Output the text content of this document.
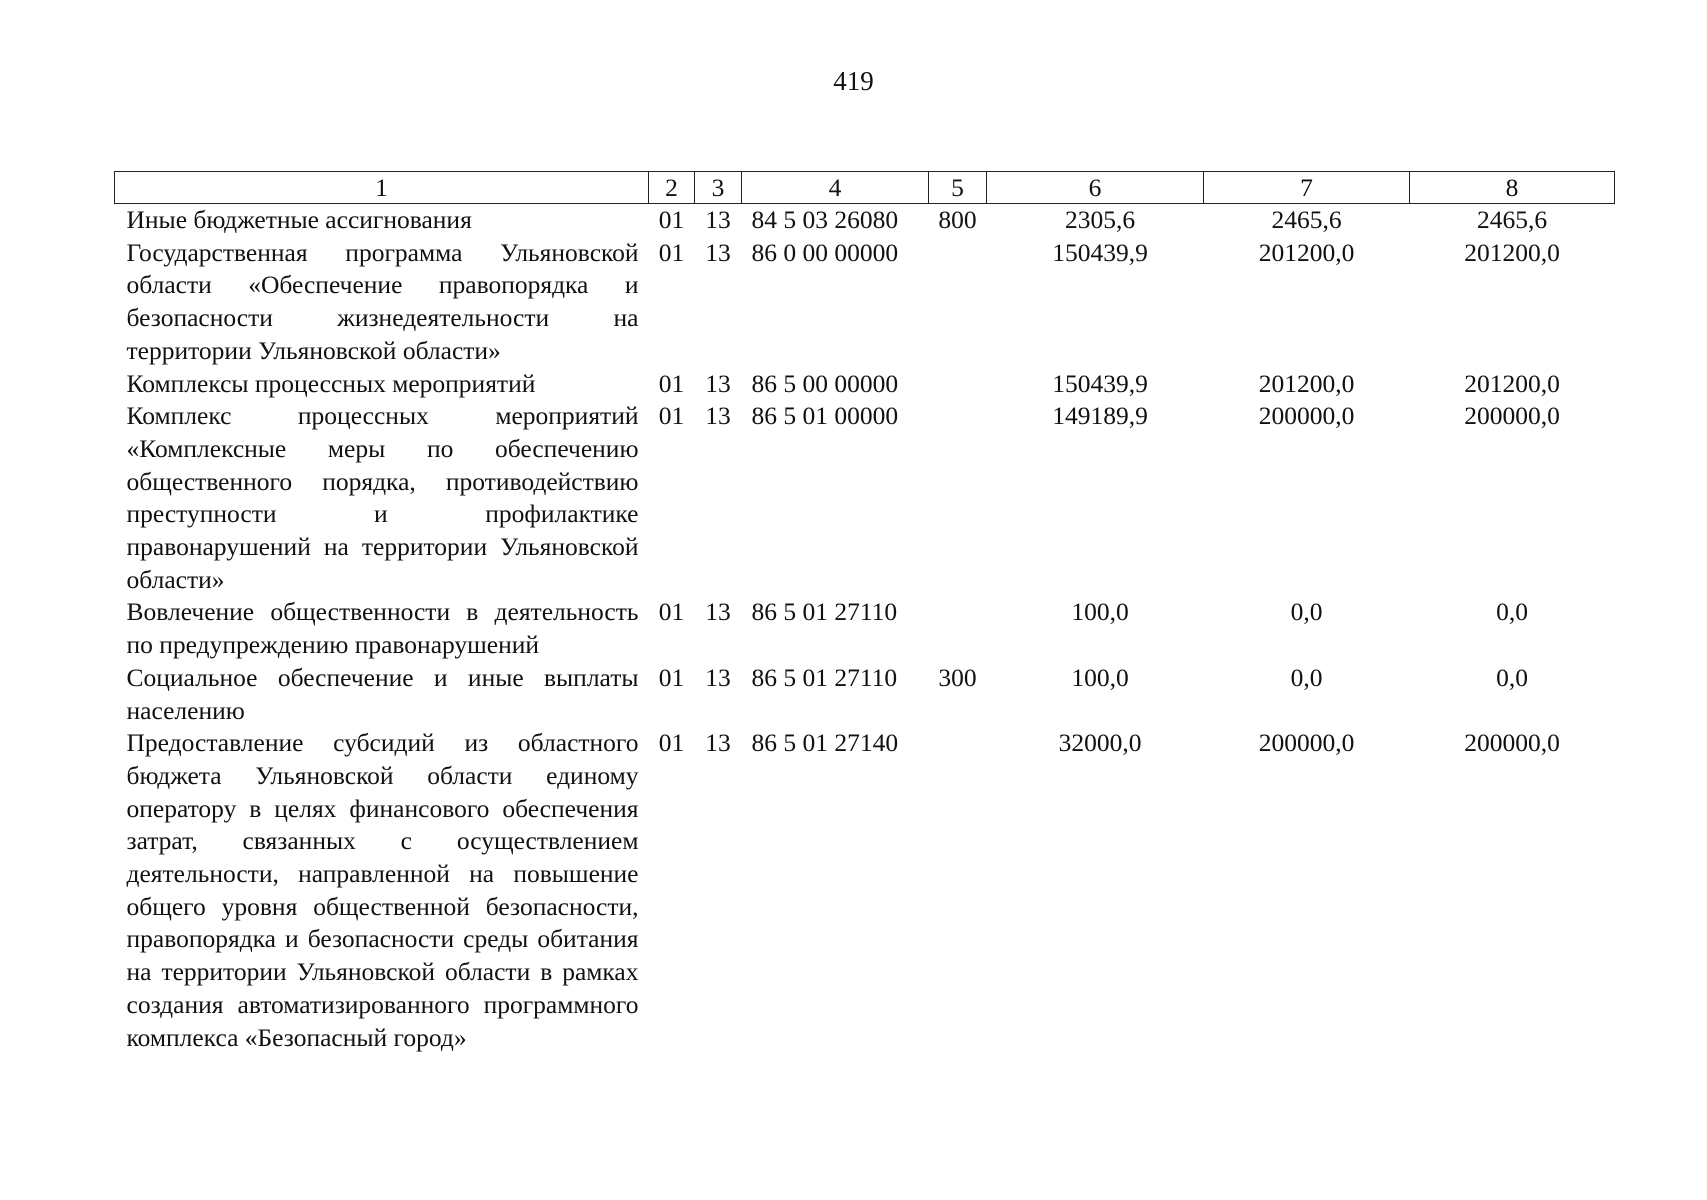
419
1	2	3	4	5	6	7	8
Иные бюджетные ассигнования	01	13	84 5 03 26080	800	2305,6	2465,6	2465,6
Государственная программа Ульяновской области «Обеспечение правопорядка и безопасности жизнедеятельности на территории Ульяновской области»	01	13	86 0 00 00000		150439,9	201200,0	201200,0
Комплексы процессных мероприятий	01	13	86 5 00 00000		150439,9	201200,0	201200,0
Комплекс процессных мероприятий «Комплексные меры по обеспечению общественного порядка, противодействию преступности и профилактике правонарушений на территории Ульяновской области»	01	13	86 5 01 00000		149189,9	200000,0	200000,0
Вовлечение общественности в деятельность по предупреждению правонарушений	01	13	86 5 01 27110		100,0	0,0	0,0
Социальное обеспечение и иные выплаты населению	01	13	86 5 01 27110	300	100,0	0,0	0,0
Предоставление субсидий из областного бюджета Ульяновской области единому оператору в целях финансового обеспечения затрат, связанных с осуществлением деятельности, направленной на повышение общего уровня общественной безопасности, правопорядка и безопасности среды обитания на территории Ульяновской области в рамках создания автоматизированного программного комплекса «Безопасный город»	01	13	86 5 01 27140		32000,0	200000,0	200000,0
